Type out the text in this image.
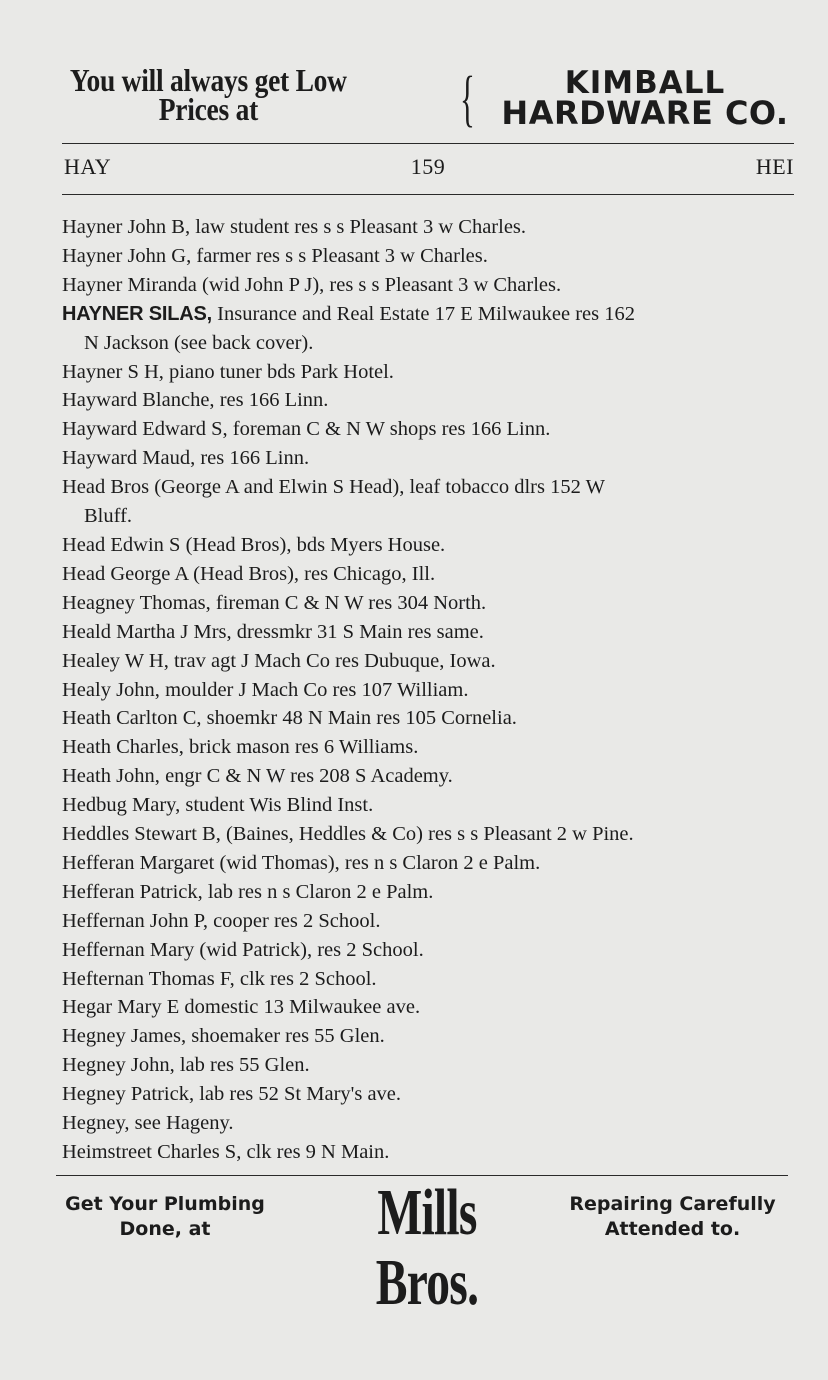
You will always get Low
Prices at	{	KIMBALL
HARDWARE CO.
HAY	159	HEI
Hayner John B, law student res s s Pleasant 3 w Charles.
Hayner John G, farmer res s s Pleasant 3 w Charles.
Hayner Miranda (wid John P J), res s s Pleasant 3 w Charles.
HAYNER SILAS, Insurance and Real Estate 17 E Milwaukee res 162
N Jackson (see back cover).
Hayner S H, piano tuner bds Park Hotel.
Hayward Blanche, res 166 Linn.
Hayward Edward S, foreman C & N W shops res 166 Linn.
Hayward Maud, res 166 Linn.
Head Bros (George A and Elwin S Head), leaf tobacco dlrs 152 W
Bluff.
Head Edwin S (Head Bros), bds Myers House.
Head George A (Head Bros), res Chicago, Ill.
Heagney Thomas, fireman C & N W res 304 North.
Heald Martha J Mrs, dressmkr 31 S Main res same.
Healey W H, trav agt J Mach Co res Dubuque, Iowa.
Healy John, moulder J Mach Co res 107 William.
Heath Carlton C, shoemkr 48 N Main res 105 Cornelia.
Heath Charles, brick mason res 6 Williams.
Heath John, engr C & N W res 208 S Academy.
Hedbug Mary, student Wis Blind Inst.
Heddles Stewart B, (Baines, Heddles & Co) res s s Pleasant 2 w Pine.
Hefferan Margaret (wid Thomas), res n s Claron 2 e Palm.
Hefferan Patrick, lab res n s Claron 2 e Palm.
Heffernan John P, cooper res 2 School.
Heffernan Mary (wid Patrick), res 2 School.
Hefternan Thomas F, clk res 2 School.
Hegar Mary E domestic 13 Milwaukee ave.
Hegney James, shoemaker res 55 Glen.
Hegney John, lab res 55 Glen.
Hegney Patrick, lab res 52 St Mary's ave.
Hegney, see Hageny.
Heimstreet Charles S, clk res 9 N Main.
Get Your Plumbing
Done, at	Mills Bros.
Repairing Carefully
Attended to.
